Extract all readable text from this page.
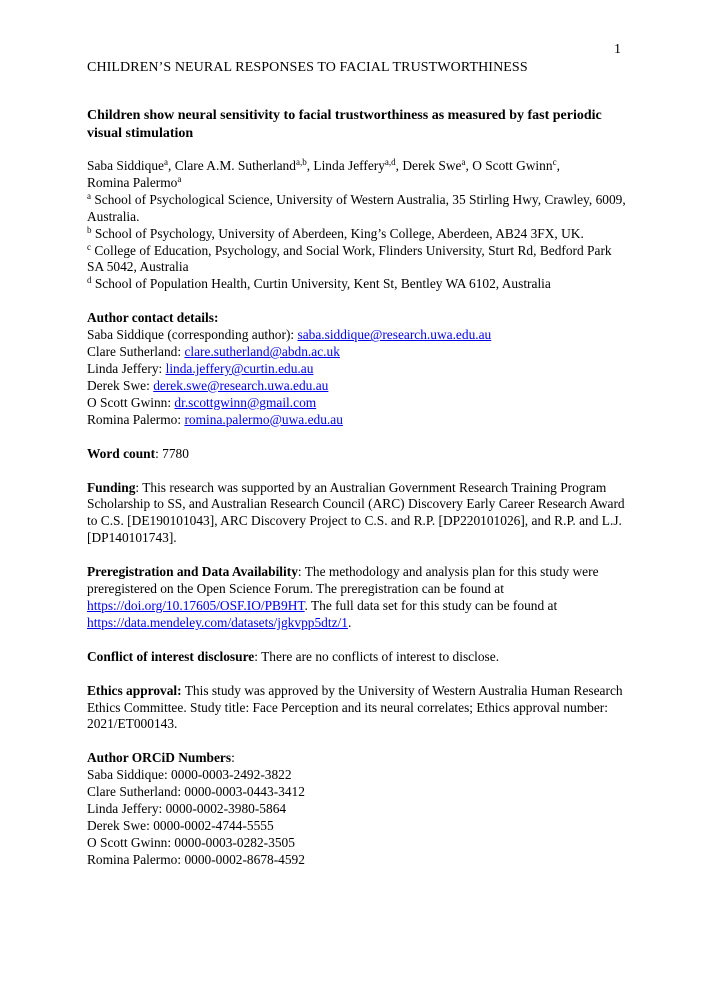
1
CHILDREN’S NEURAL RESPONSES TO FACIAL TRUSTWORTHINESS

Children show neural sensitivity to facial trustworthiness as measured by fast periodic visual stimulation

Saba Siddique$^a$, Clare A.M. Sutherland$^{a,b}$, Linda Jeffery$^{a,d}$, Derek Swe$^a$, O Scott Gwinn$^c$,
Romina Palermo$^a$
$^a$ School of Psychological Science, University of Western Australia, 35 Stirling Hwy, Crawley, 6009, Australia.
$^b$ School of Psychology, University of Aberdeen, King’s College, Aberdeen, AB24 3FX, UK.
$^c$ College of Education, Psychology, and Social Work, Flinders University, Sturt Rd, Bedford Park SA 5042, Australia
$^d$ School of Population Health, Curtin University, Kent St, Bentley WA 6102, Australia
Author contact details:
Saba Siddique (corresponding author): saba.siddique@research.uwa.edu.au
Clare Sutherland: clare.sutherland@abdn.ac.uk
Linda Jeffery: linda.jeffery@curtin.edu.au
Derek Swe: derek.swe@research.uwa.edu.au
O Scott Gwinn: dr.scottgwinn@gmail.com
Romina Palermo: romina.palermo@uwa.edu.au
Word count: 7780
Funding: This research was supported by an Australian Government Research Training Program Scholarship to SS, and Australian Research Council (ARC) Discovery Early Career Research Award to C.S. [DE190101043], ARC Discovery Project to C.S. and R.P. [DP220101026], and R.P. and L.J. [DP140101743].
Preregistration and Data Availability: The methodology and analysis plan for this study were preregistered on the Open Science Forum. The preregistration can be found at https://doi.org/10.17605/OSF.IO/PB9HT. The full data set for this study can be found at https://data.mendeley.com/datasets/jgkvpp5dtz/1.
Conflict of interest disclosure: There are no conflicts of interest to disclose.
Ethics approval: This study was approved by the University of Western Australia Human Research Ethics Committee. Study title: Face Perception and its neural correlates; Ethics approval number: 2021/ET000143.
Author ORCiD Numbers:
Saba Siddique: 0000-0003-2492-3822
Clare Sutherland: 0000-0003-0443-3412
Linda Jeffery: 0000-0002-3980-5864
Derek Swe: 0000-0002-4744-5555
O Scott Gwinn: 0000-0003-0282-3505
Romina Palermo: 0000-0002-8678-4592
